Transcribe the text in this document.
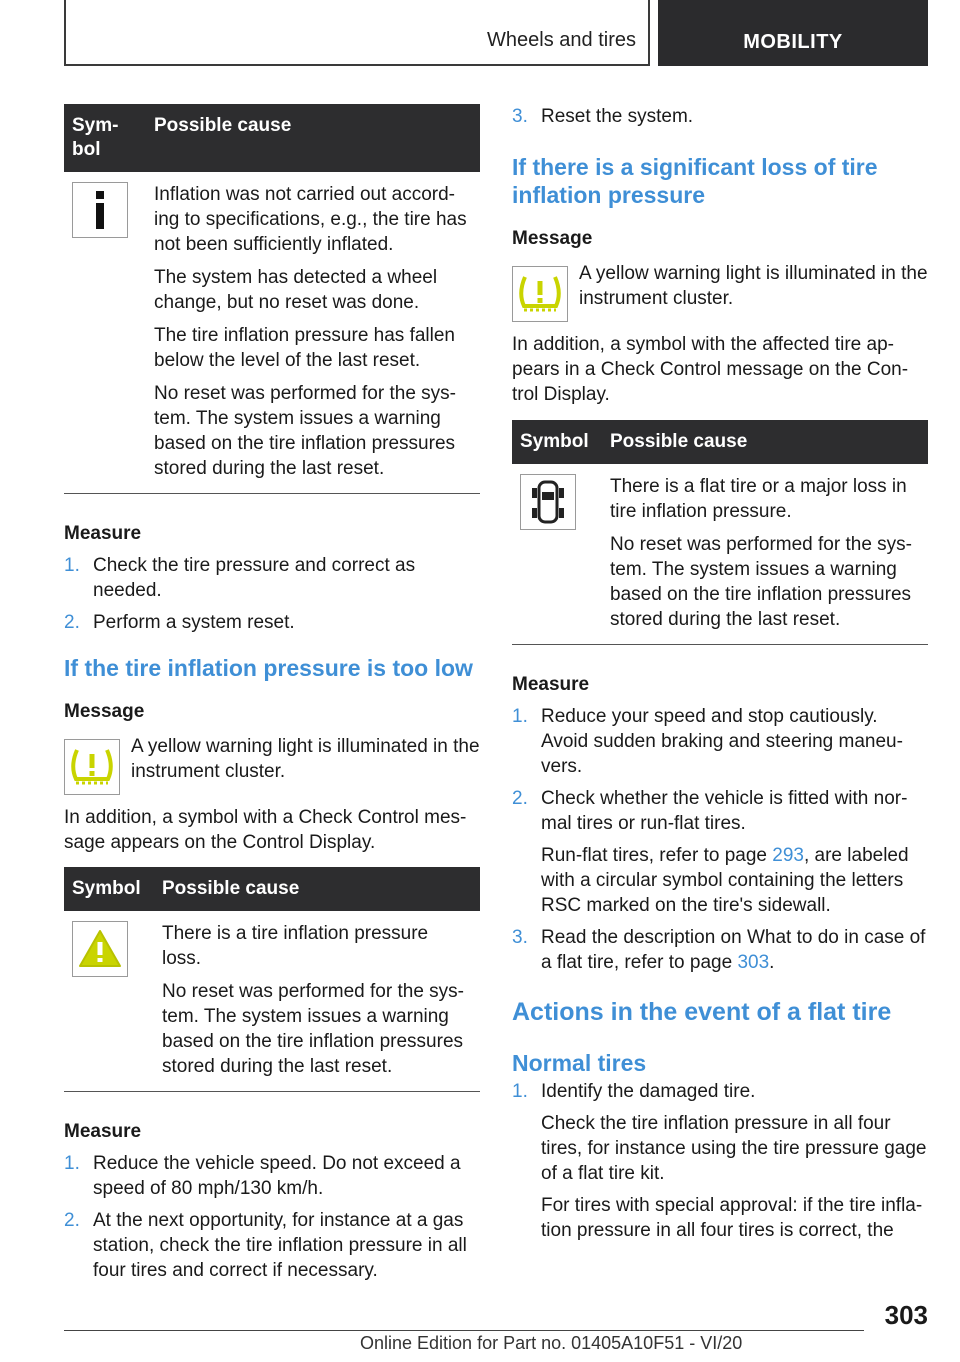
Wheels and tires	MOBILITY
Sym-
bol	Possible cause

Inflation was not carried out accord-ing to specifications, e.g., the tire has not been sufficiently inflated.

The system has detected a wheel change, but no reset was done.

The tire inflation pressure has fallen below the level of the last reset.

No reset was performed for the sys-tem. The system issues a warning based on the tire inflation pressures stored during the last reset.

Measure
1. Check the tire pressure and correct as needed.
2. Perform a system reset.
If the tire inflation pressure is too low
Message

A yellow warning light is illuminated in the instrument cluster.

In addition, a symbol with a Check Control mes-sage appears on the Control Display.

Symbol	Possible cause

There is a tire inflation pressure loss.

No reset was performed for the sys-tem. The system issues a warning based on the tire inflation pressures stored during the last reset.

Measure
1. Reduce the vehicle speed. Do not exceed a speed of 80 mph/130 km/h.
2. At the next opportunity, for instance at a gas station, check the tire inflation pressure in all four tires and correct if necessary.
3. Reset the system.
If there is a significant loss of tire inflation pressure
Message

A yellow warning light is illuminated in the instrument cluster.

In addition, a symbol with the affected tire ap-pears in a Check Control message on the Con-trol Display.

Symbol	Possible cause

There is a flat tire or a major loss in tire inflation pressure.

No reset was performed for the sys-tem. The system issues a warning based on the tire inflation pressures stored during the last reset.

Measure
1. Reduce your speed and stop cautiously. Avoid sudden braking and steering maneu-vers.
2. Check whether the vehicle is fitted with nor-mal tires or run-flat tires.

Run-flat tires, refer to page 293, are labeled with a circular symbol containing the letters RSC marked on the tire's sidewall.

3. Read the description on What to do in case of a flat tire, refer to page 303.
Actions in the event of a flat tire
Normal tires
1. Identify the damaged tire.

Check the tire inflation pressure in all four tires, for instance using the tire pressure gage of a flat tire kit.

For tires with special approval: if the tire infla-tion pressure in all four tires is correct, the

303
Online Edition for Part no. 01405A10F51 - VI/20
